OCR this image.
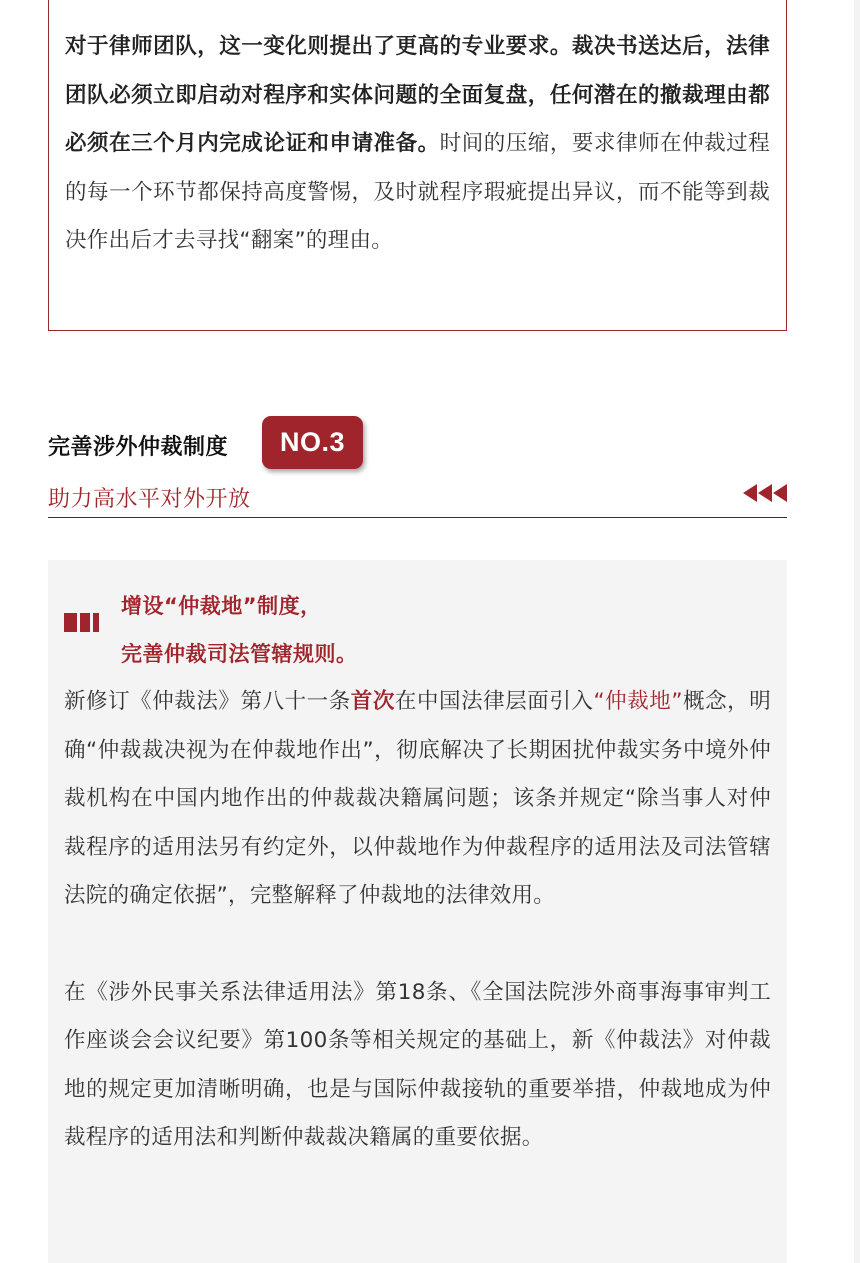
对于律师团队，这一变化则提出了更高的专业要求。裁决书送达后，法律团队必须立即启动对程序和实体问题的全面复盘，任何潜在的撤裁理由都必须在三个月内完成论证和申请准备。时间的压缩，要求律师在仲裁过程的每一个环节都保持高度警惕，及时就程序瑕疵提出异议，而不能等到裁决作出后才去寻找“翻案”的理由。

完善涉外仲裁制度	NO.3
助力高水平对外开放
增设“仲裁地”制度，
完善仲裁司法管辖规则。

新修订《仲裁法》第八十一条首次在中国法律层面引入“仲裁地”概念，明确“仲裁裁决视为在仲裁地作出”，彻底解决了长期困扰仲裁实务中境外仲裁机构在中国内地作出的仲裁裁决籍属问题；该条并规定“除当事人对仲裁程序的适用法另有约定外，以仲裁地作为仲裁程序的适用法及司法管辖法院的确定依据”，完整解释了仲裁地的法律效用。

在《涉外民事关系法律适用法》第18条、《全国法院涉外商事海事审判工作座谈会会议纪要》第100条等相关规定的基础上，新《仲裁法》对仲裁地的规定更加清晰明确，也是与国际仲裁接轨的重要举措，仲裁地成为仲裁程序的适用法和判断仲裁裁决籍属的重要依据。
